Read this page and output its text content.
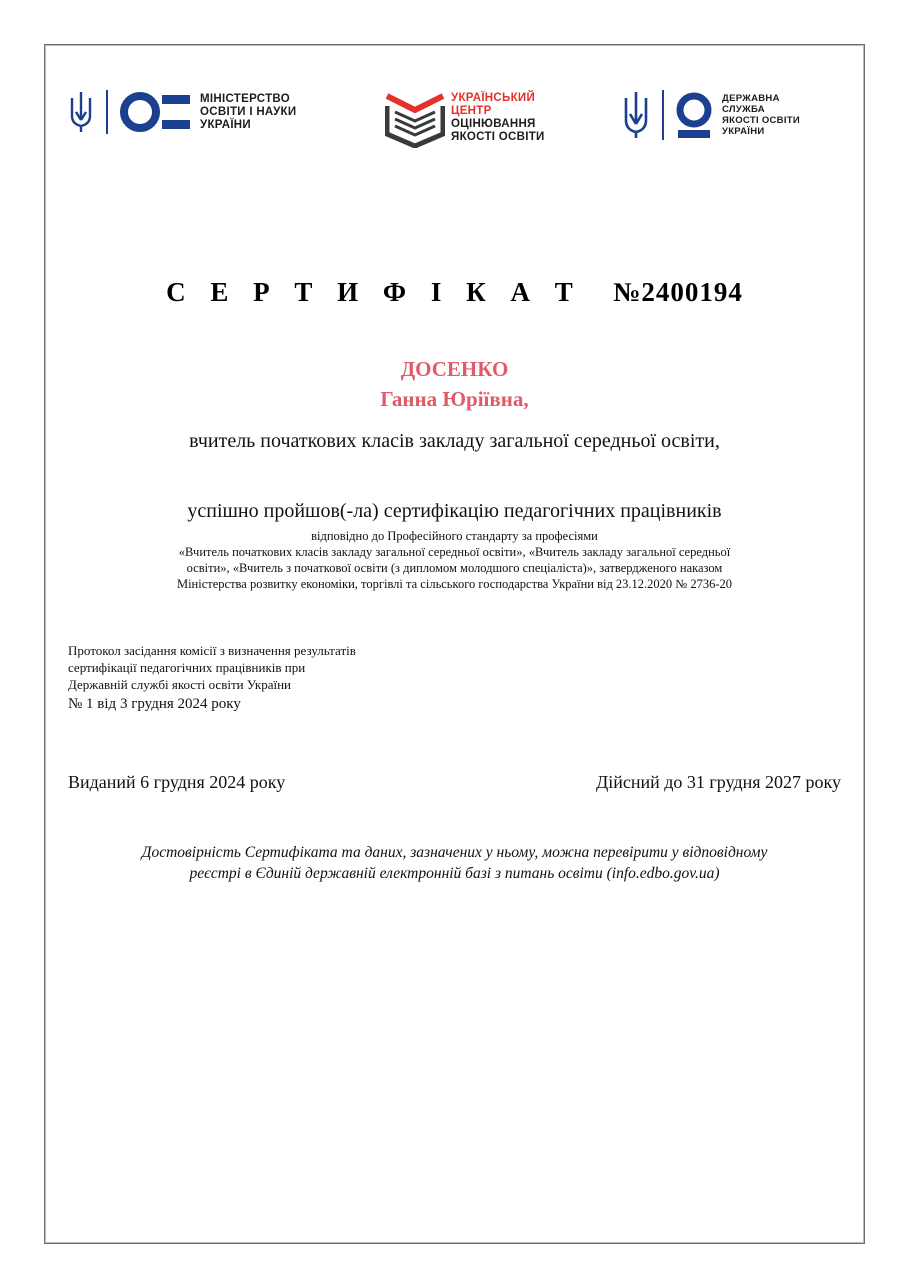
МІНІСТЕРСТВО
ОСВІТИ І НАУКИ
УКРАЇНИ
УКРАЇНСЬКИЙ
ЦЕНТР
ОЦІНЮВАННЯ
ЯКОСТІ ОСВІТИ
ДЕРЖАВНА
СЛУЖБА
ЯКОСТІ ОСВІТИ
УКРАЇНИ
С Е Р Т И Ф І К А Т №2400194
ДОСЕНКО
Ганна Юріївна,
вчитель початкових класів закладу загальної середньої освіти,
успішно пройшов(-ла) сертифікацію педагогічних працівників
відповідно до Професійного стандарту за професіями
«Вчитель початкових класів закладу загальної середньої освіти», «Вчитель закладу загальної середньої
освіти», «Вчитель з початкової освіти (з дипломом молодшого спеціаліста)», затвердженого наказом
Міністерства розвитку економіки, торгівлі та сільського господарства України від 23.12.2020 № 2736-20
Протокол засідання комісії з визначення результатів
сертифікації педагогічних працівників при
Державній службі якості освіти України
№ 1 від 3 грудня 2024 року
Виданий 6 грудня 2024 року	Дійсний до 31 грудня 2027 року
Достовірність Сертифіката та даних, зазначених у ньому, можна перевірити у відповідному
реєстрі в Єдиній державній електронній базі з питань освіти (info.edbo.gov.ua)
